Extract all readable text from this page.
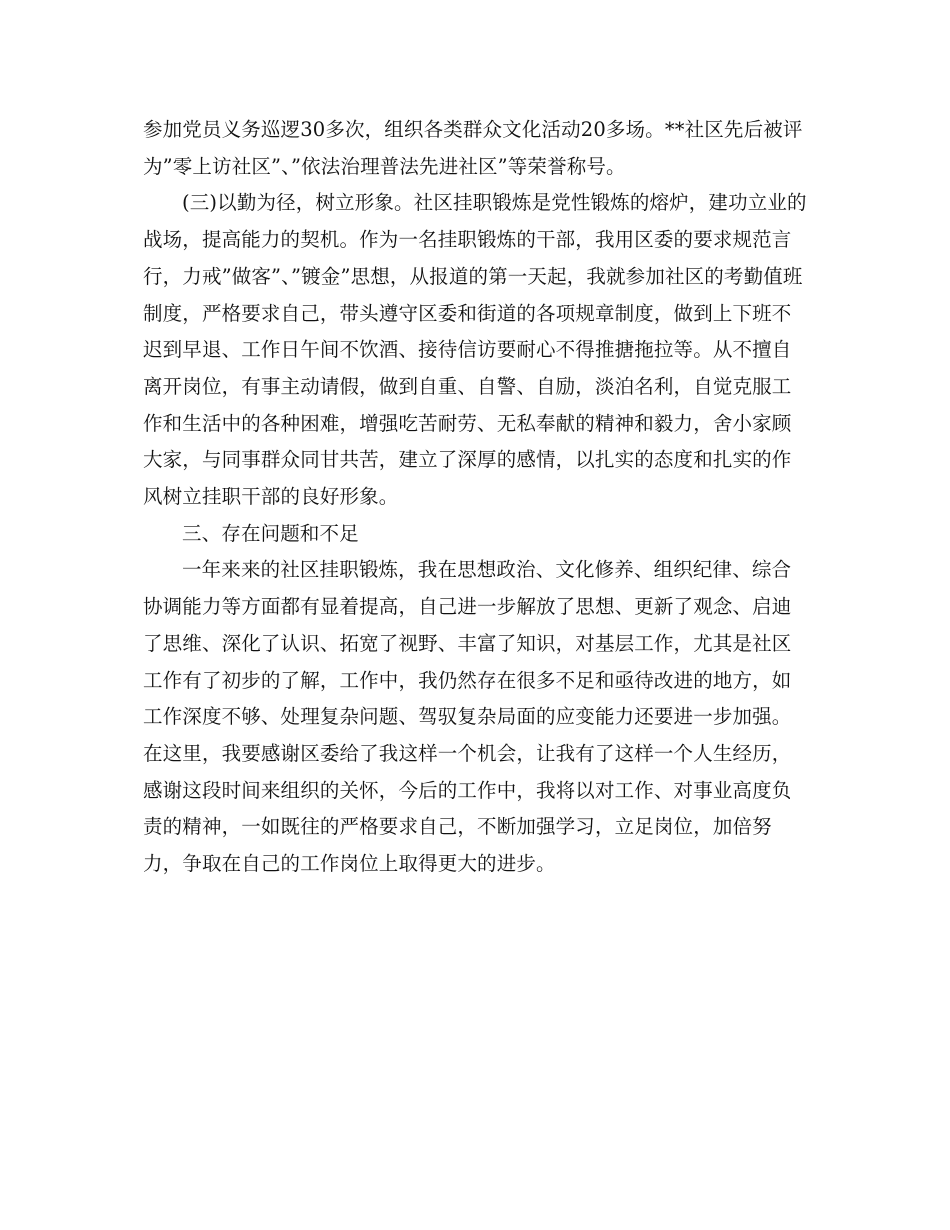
参加党员义务巡逻30多次，组织各类群众文化活动20多场。**社区先后被评为”零上访社区”、”依法治理普法先进社区”等荣誉称号。

(三)以勤为径，树立形象。社区挂职锻炼是党性锻炼的熔炉，建功立业的战场，提高能力的契机。作为一名挂职锻炼的干部，我用区委的要求规范言行，力戒”做客”、”镀金”思想，从报道的第一天起，我就参加社区的考勤值班制度，严格要求自己，带头遵守区委和街道的各项规章制度，做到上下班不迟到早退、工作日午间不饮酒、接待信访要耐心不得推搪拖拉等。从不擅自离开岗位，有事主动请假，做到自重、自警、自励，淡泊名利，自觉克服工作和生活中的各种困难，增强吃苦耐劳、无私奉献的精神和毅力，舍小家顾大家，与同事群众同甘共苦，建立了深厚的感情，以扎实的态度和扎实的作风树立挂职干部的良好形象。

三、存在问题和不足

一年来来的社区挂职锻炼，我在思想政治、文化修养、组织纪律、综合协调能力等方面都有显着提高，自己进一步解放了思想、更新了观念、启迪了思维、深化了认识、拓宽了视野、丰富了知识，对基层工作，尤其是社区工作有了初步的了解，工作中，我仍然存在很多不足和亟待改进的地方，如工作深度不够、处理复杂问题、驾驭复杂局面的应变能力还要进一步加强。在这里，我要感谢区委给了我这样一个机会，让我有了这样一个人生经历，感谢这段时间来组织的关怀，今后的工作中，我将以对工作、对事业高度负责的精神，一如既往的严格要求自己，不断加强学习，立足岗位，加倍努力，争取在自己的工作岗位上取得更大的进步。
